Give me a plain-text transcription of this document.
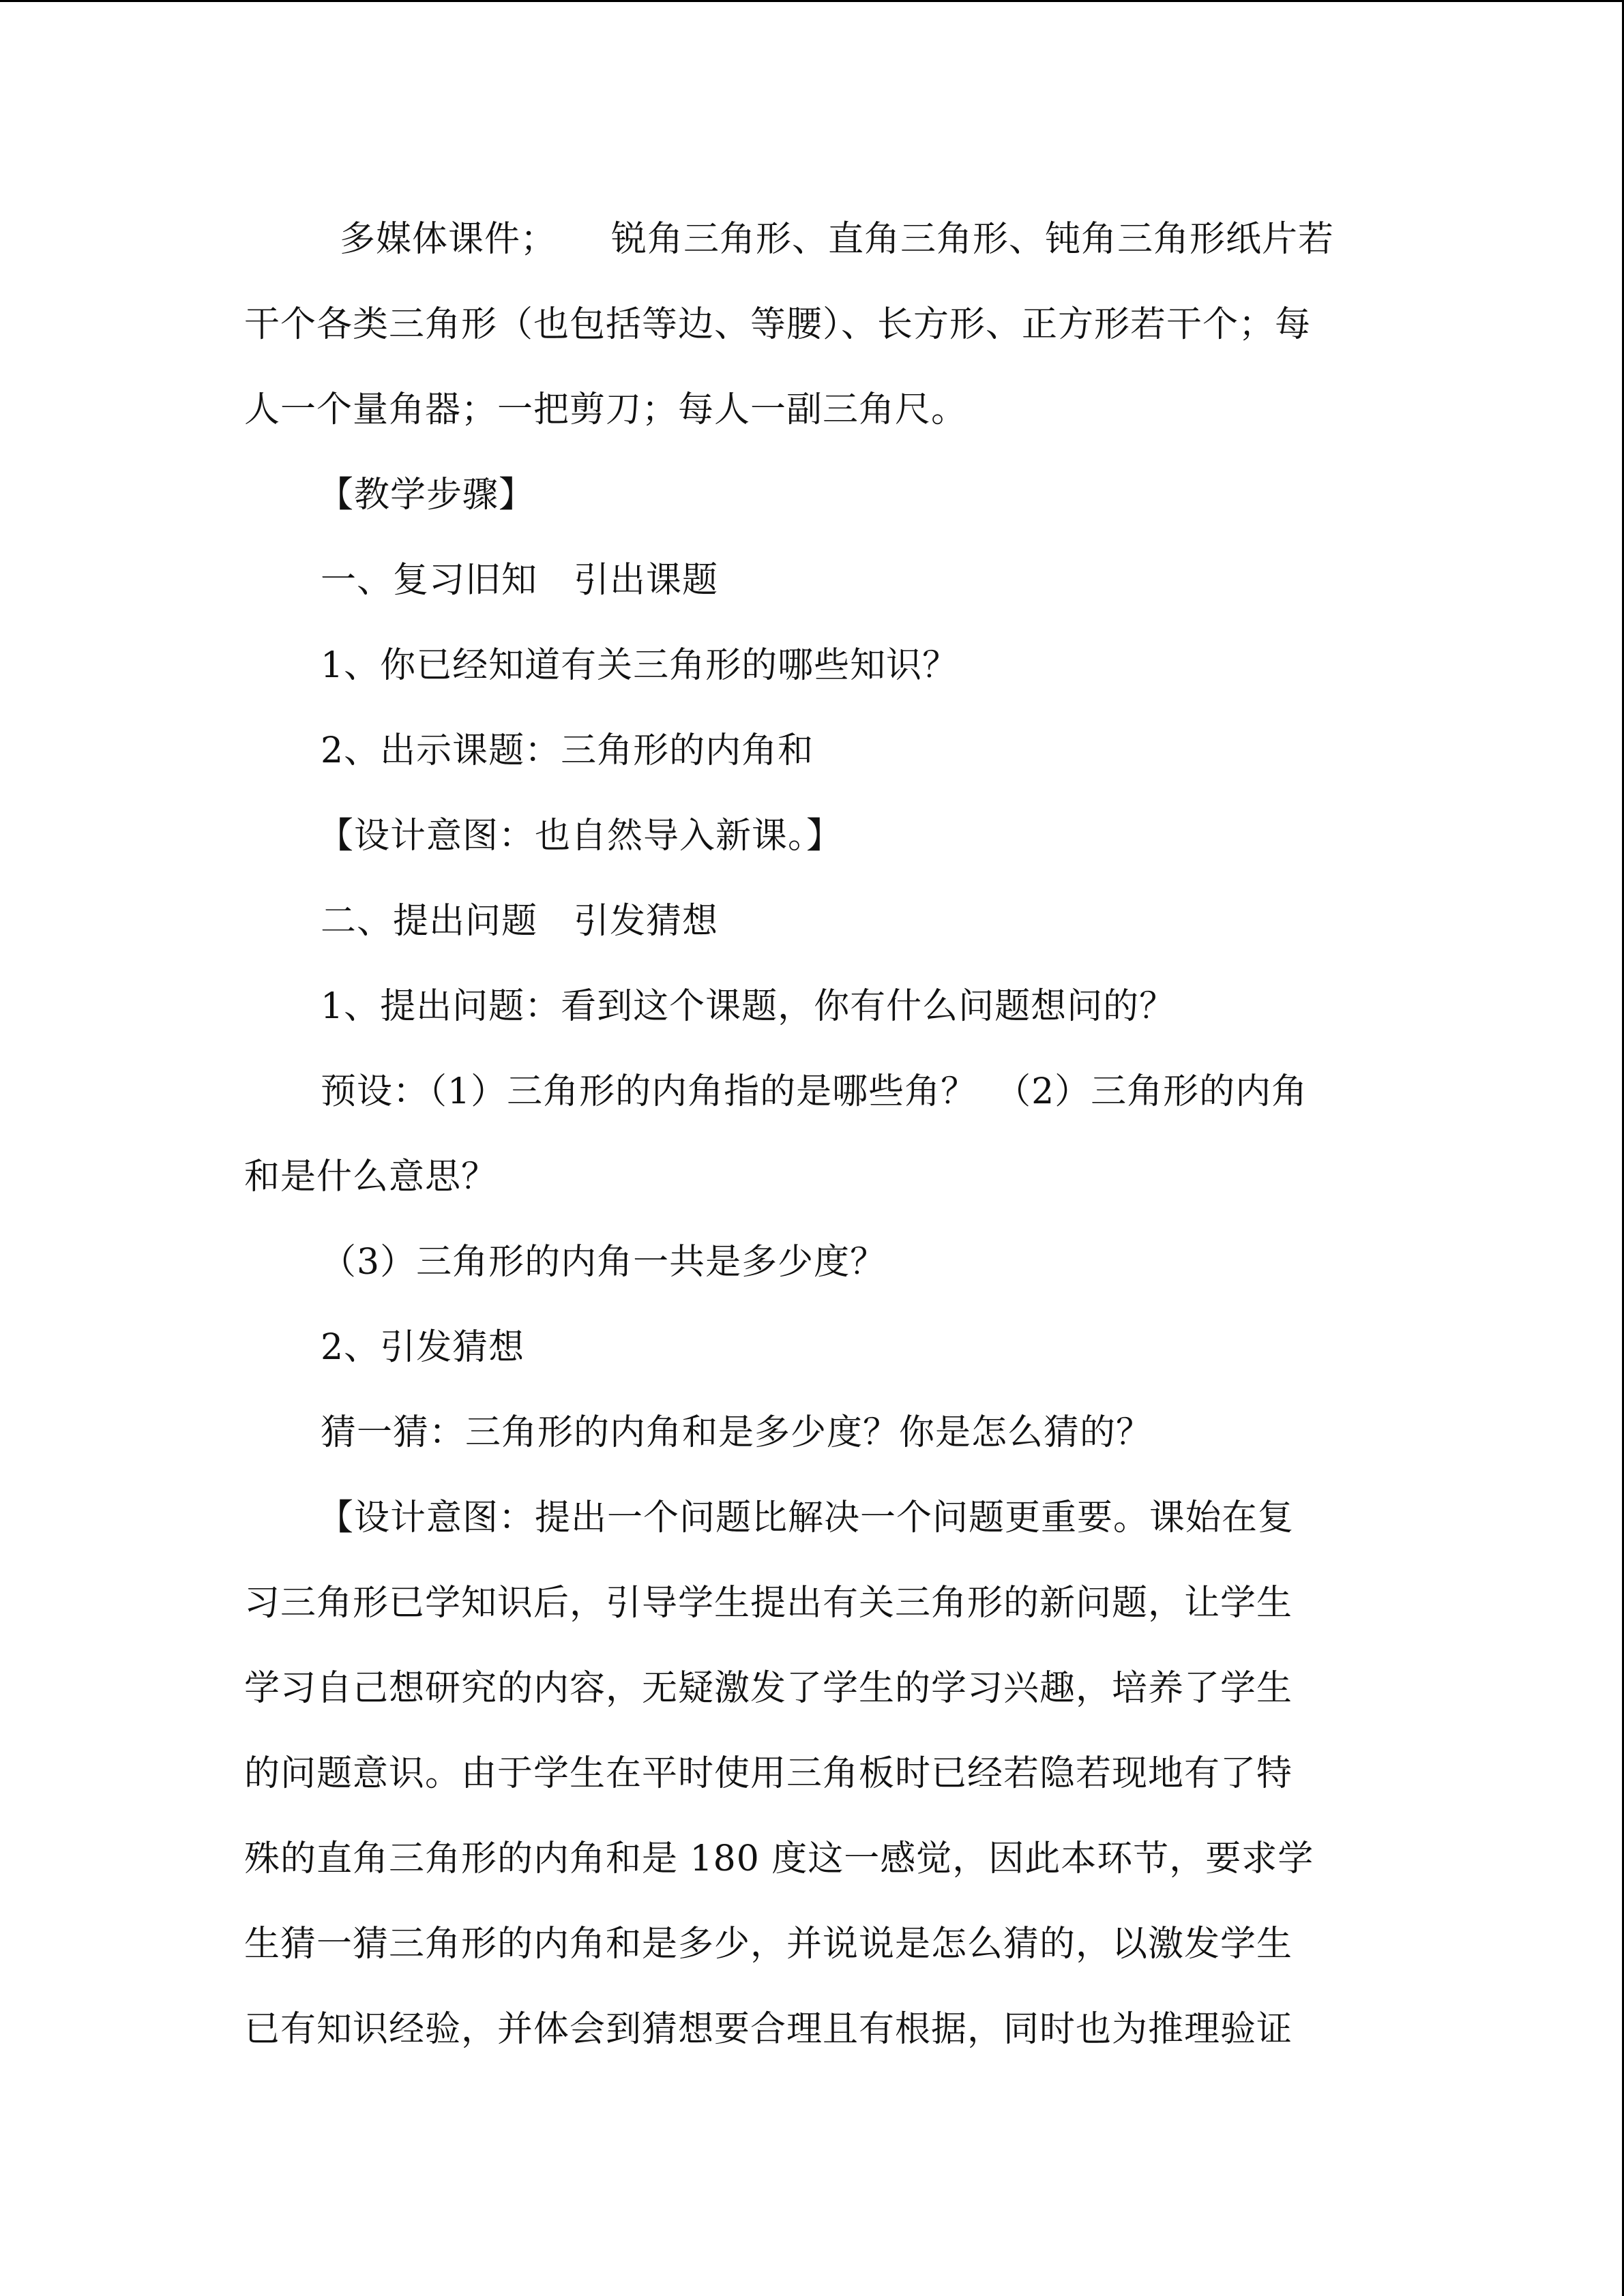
多媒体课件；　　锐角三角形、直角三角形、钝角三角形纸片若
干个各类三角形（也包括等边、等腰）、长方形、正方形若干个；每
人一个量角器；一把剪刀；每人一副三角尺。
【教学步骤】
一、复习旧知　引出课题
1、你已经知道有关三角形的哪些知识？
2、出示课题：三角形的内角和
【设计意图：也自然导入新课。】
二、提出问题　引发猜想
1、提出问题：看到这个课题，你有什么问题想问的？
预设：（1）三角形的内角指的是哪些角？　（2）三角形的内角
和是什么意思？
（3）三角形的内角一共是多少度？
2、引发猜想
猜一猜：三角形的内角和是多少度？你是怎么猜的？
【设计意图：提出一个问题比解决一个问题更重要。课始在复
习三角形已学知识后，引导学生提出有关三角形的新问题，让学生
学习自己想研究的内容，无疑激发了学生的学习兴趣，培养了学生
的问题意识。由于学生在平时使用三角板时已经若隐若现地有了特
殊的直角三角形的内角和是 180 度这一感觉，因此本环节，要求学
生猜一猜三角形的内角和是多少，并说说是怎么猜的，以激发学生
已有知识经验，并体会到猜想要合理且有根据，同时也为推理验证
